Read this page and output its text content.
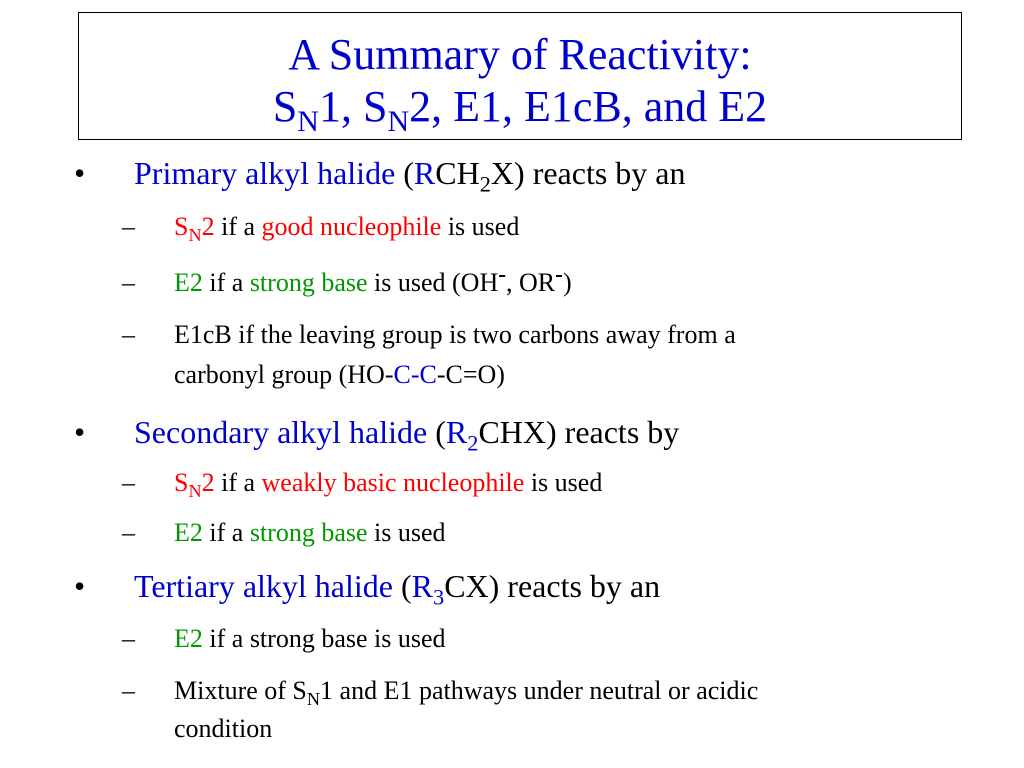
A Summary of Reactivity:
$S_N1$, $S_N2$, E1, E1cB, and E2
• Primary alkyl halide $(RCH_2X)$ reacts by an
– $S_N2$ if a good nucleophile is used
– E2 if a strong base is used (OH-, OR-)
– E1cB if the leaving group is two carbons away from a
carbonyl group (HO-C-C-C=O)
• Secondary alkyl halide $(R_2CHX)$ reacts by
– $S_N2$ if a weakly basic nucleophile is used
– E2 if a strong base is used
• Tertiary alkyl halide $(R_3CX)$ reacts by an
– E2 if a strong base is used
– Mixture of $S_N1$ and E1 pathways under neutral or acidic
condition
